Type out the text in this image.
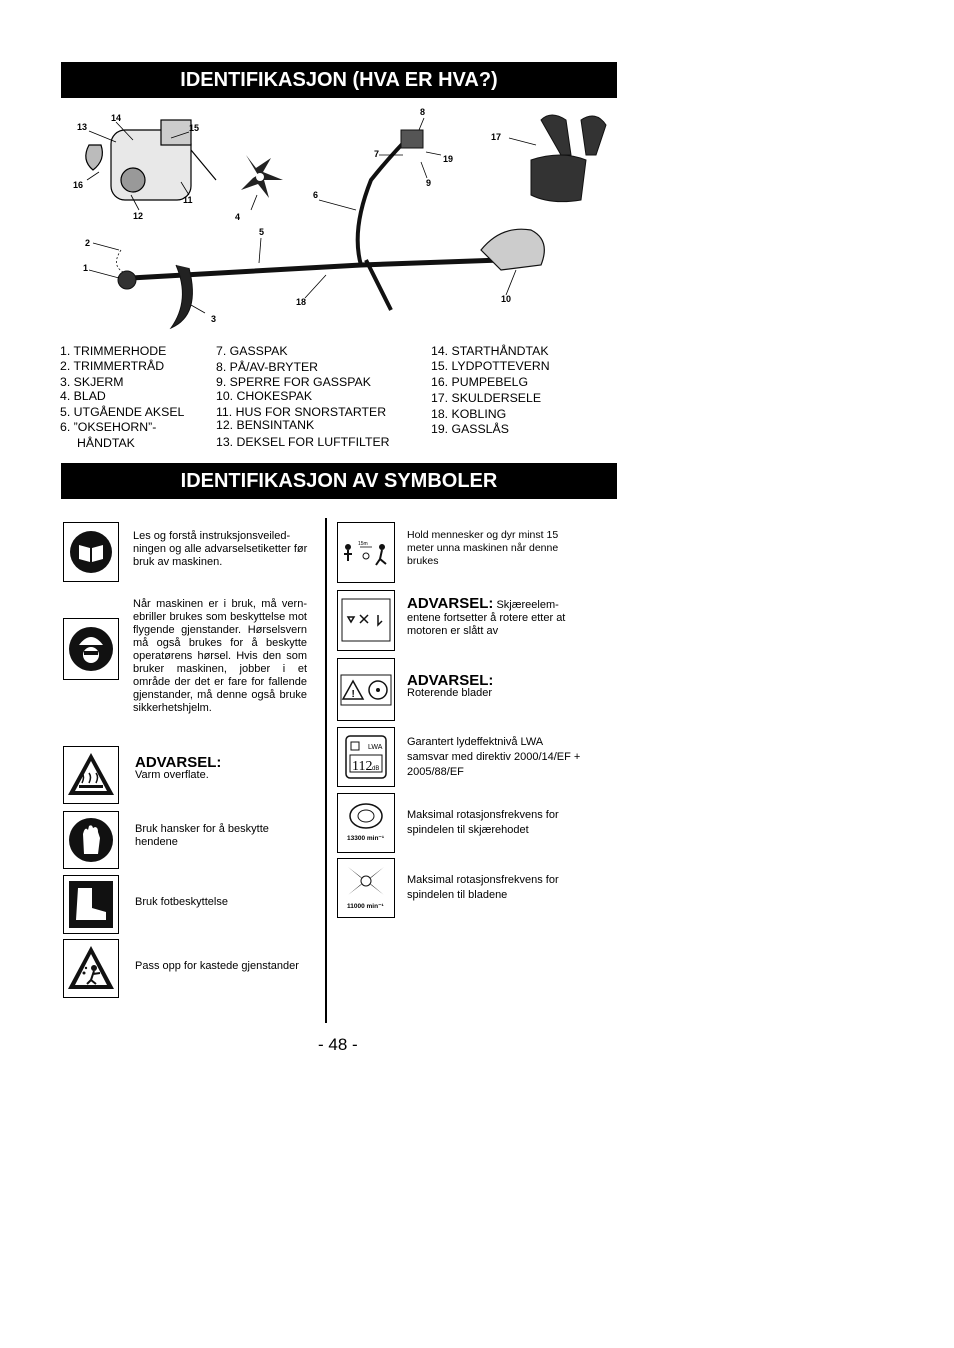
IDENTIFIKASJON (HVA ER HVA?)
1
2
3
4
5
6
7
8
9
10
11
12
13
14
15
16
17
18
19
1. TRIMMERHODE
2. TRIMMERTRÅD
3. SKJERM
4. BLAD
5. UTGÅENDE AKSEL
6. ”OKSEHORN”-
HÅNDTAK
7. GASSPAK
8. PÅ/AV-BRYTER
9. SPERRE FOR GASSPAK
10. CHOKESPAK
11. HUS FOR SNORSTARTER
12. BENSINTANK
13. DEKSEL FOR LUFTFILTER
14. STARTHÅNDTAK
15. LYDPOTTEVERN
16. PUMPEBELG
17. SKULDERSELE
18. KOBLING
19. GASSLÅS
IDENTIFIKASJON AV SYMBOLER
Les og forstå instruksjonsveiled-ningen og alle advarselsetiketter før bruk av maskinen.
Når maskinen er i bruk, må vern-ebriller brukes som beskyttelse mot flygende gjenstander. Hørselsvern må også brukes for å beskytte operatørens hørsel. Hvis den som bruker maskinen, jobber i et område der det er fare for fallende gjenstander, må denne også bruke sikkerhetshjelm.
ADVARSEL:
Varm overflate.
Bruk hansker for å beskytte hendene
Bruk fotbeskyttelse
Pass opp for kastede gjenstander
15m
Hold mennesker og dyr minst 15 meter unna maskinen når denne brukes
ADVARSEL: Skjæreelem-entene fortsetter å rotere etter at motoren er slått av
!
ADVARSEL:
Roterende blader
LWA
112 dB
Garantert lydeffektnivå LWA samsvar med direktiv 2000/14/EF + 2005/88/EF
13300 min⁻¹
Maksimal rotasjonsfrekvens for spindelen til skjærehodet
11000 min⁻¹
Maksimal rotasjonsfrekvens for spindelen til bladene
- 48 -
